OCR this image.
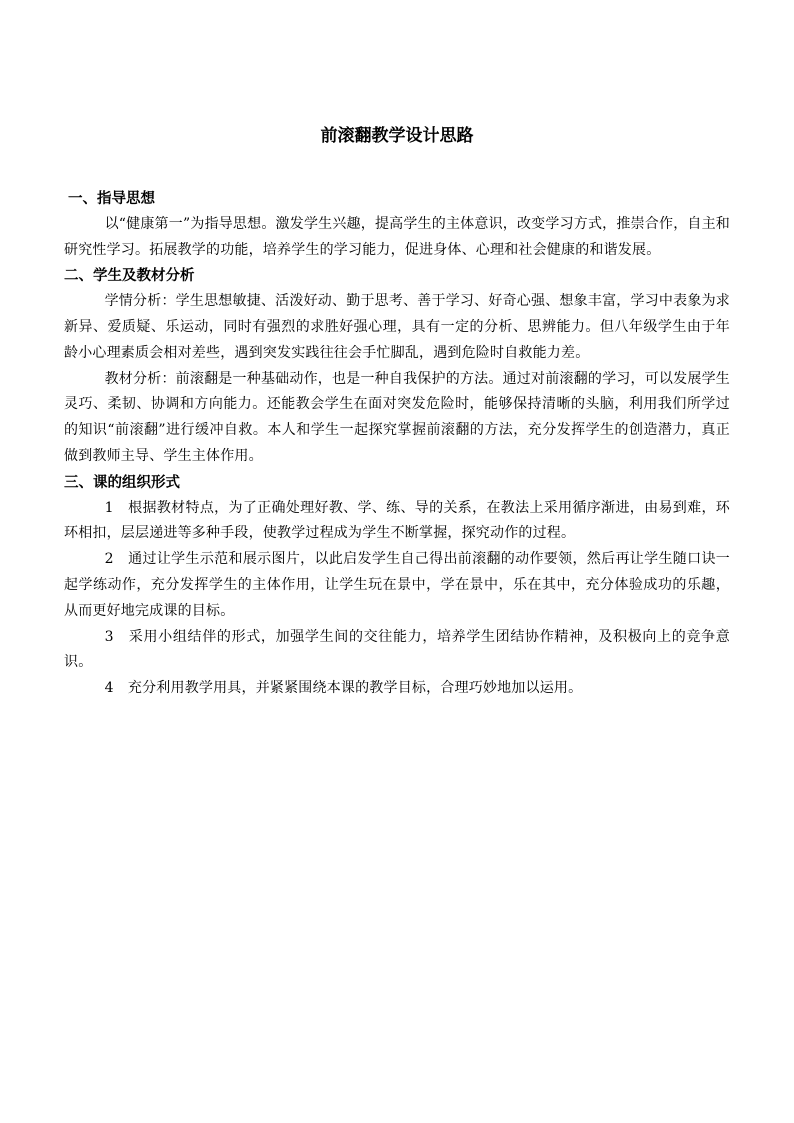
前滚翻教学设计思路

一、指导思想

以“健康第一”为指导思想。激发学生兴趣，提高学生的主体意识，改变学习方式，推崇合作，自主和研究性学习。拓展教学的功能，培养学生的学习能力，促进身体、心理和社会健康的和谐发展。

二、学生及教材分析

学情分析：学生思想敏捷、活泼好动、勤于思考、善于学习、好奇心强、想象丰富，学习中表象为求新异、爱质疑、乐运动，同时有强烈的求胜好强心理，具有一定的分析、思辨能力。但八年级学生由于年龄小心理素质会相对差些，遇到突发实践往往会手忙脚乱，遇到危险时自救能力差。

教材分析：前滚翻是一种基础动作，也是一种自我保护的方法。通过对前滚翻的学习，可以发展学生灵巧、柔韧、协调和方向能力。还能教会学生在面对突发危险时，能够保持清晰的头脑，利用我们所学过的知识“前滚翻”进行缓冲自救。本人和学生一起探究掌握前滚翻的方法，充分发挥学生的创造潜力，真正做到教师主导、学生主体作用。

三、课的组织形式

1　根据教材特点，为了正确处理好教、学、练、导的关系，在教法上采用循序渐进，由易到难，环环相扣，层层递进等多种手段，使教学过程成为学生不断掌握，探究动作的过程。

2　通过让学生示范和展示图片，以此启发学生自己得出前滚翻的动作要领，然后再让学生随口诀一起学练动作，充分发挥学生的主体作用，让学生玩在景中，学在景中，乐在其中，充分体验成功的乐趣，从而更好地完成课的目标。

3　采用小组结伴的形式，加强学生间的交往能力，培养学生团结协作精神，及积极向上的竞争意识。

4　充分利用教学用具，并紧紧围绕本课的教学目标，合理巧妙地加以运用。
